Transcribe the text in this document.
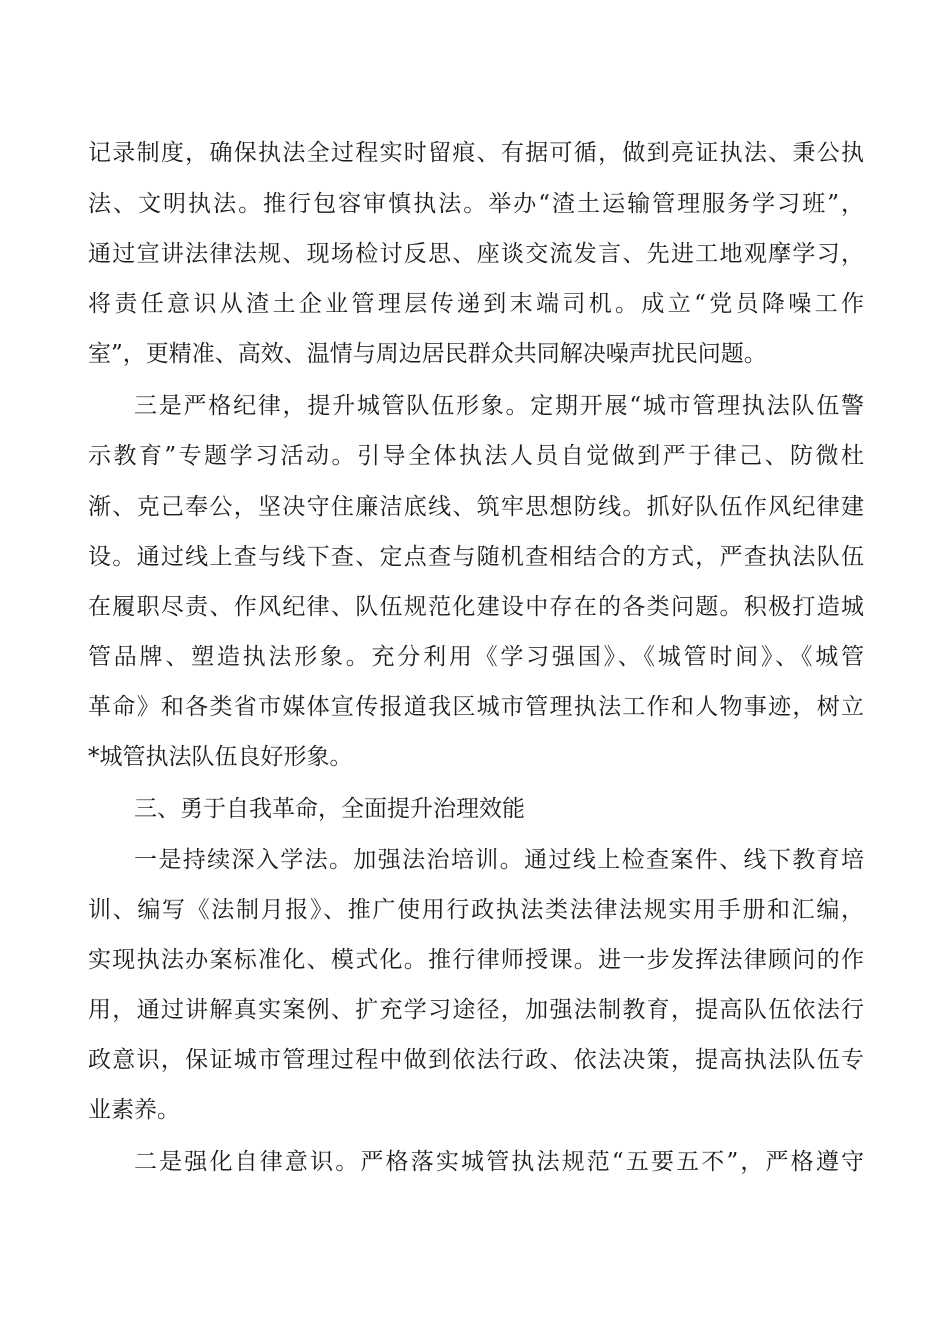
记录制度，确保执法全过程实时留痕、有据可循，做到亮证执法、秉公执
法、文明执法。推行包容审慎执法。举办“渣土运输管理服务学习班”，
通过宣讲法律法规、现场检讨反思、座谈交流发言、先进工地观摩学习，
将责任意识从渣土企业管理层传递到末端司机。成立“党员降噪工作
室”，更精准、高效、温情与周边居民群众共同解决噪声扰民问题。
三是严格纪律，提升城管队伍形象。定期开展“城市管理执法队伍警
示教育”专题学习活动。引导全体执法人员自觉做到严于律己、防微杜
渐、克己奉公，坚决守住廉洁底线、筑牢思想防线。抓好队伍作风纪律建
设。通过线上查与线下查、定点查与随机查相结合的方式，严查执法队伍
在履职尽责、作风纪律、队伍规范化建设中存在的各类问题。积极打造城
管品牌、塑造执法形象。充分利用《学习强国》、《城管时间》、《城管
革命》和各类省市媒体宣传报道我区城市管理执法工作和人物事迹，树立
*城管执法队伍良好形象。
三、勇于自我革命，全面提升治理效能
一是持续深入学法。加强法治培训。通过线上检查案件、线下教育培
训、编写《法制月报》、推广使用行政执法类法律法规实用手册和汇编，
实现执法办案标准化、模式化。推行律师授课。进一步发挥法律顾问的作
用，通过讲解真实案例、扩充学习途径，加强法制教育，提高队伍依法行
政意识，保证城市管理过程中做到依法行政、依法决策，提高执法队伍专
业素养。
二是强化自律意识。严格落实城管执法规范“五要五不”，严格遵守
